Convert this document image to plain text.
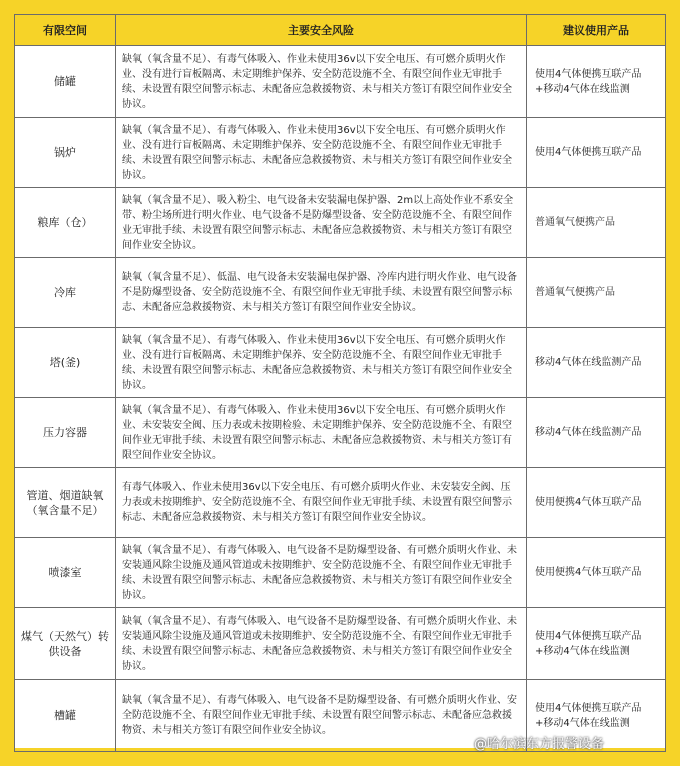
有限空间	主要安全风险	建议使用产品
储罐	缺氧（氧含量不足）、有毒气体吸入、作业未使用36v以下安全电压、有可燃介质明火作业、没有进行盲板隔离、未定期维护保养、安全防范设施不全、有限空间作业无审批手续、未设置有限空间警示标志、未配备应急救援物资、未与相关方签订有限空间作业安全协议。	使用4气体便携互联产品+移动4气体在线监测
锅炉	缺氧（氧含量不足）、有毒气体吸入、作业未使用36v以下安全电压、有可燃介质明火作业、没有进行盲板隔离、未定期维护保养、安全防范设施不全、有限空间作业无审批手续、未设置有限空间警示标志、未配备应急救援物资、未与相关方签订有限空间作业安全协议。	使用4气体便携互联产品
粮库（仓）	缺氧（氧含量不足）、吸入粉尘、电气设备未安装漏电保护器、2m以上高处作业不系安全带、粉尘场所进行明火作业、电气设备不是防爆型设备、安全防范设施不全、有限空间作业无审批手续、未设置有限空间警示标志、未配备应急救援物资、未与相关方签订有限空间作业安全协议。	普通氧气便携产品
冷库	缺氧（氧含量不足）、低温、电气设备未安装漏电保护器、冷库内进行明火作业、电气设备不是防爆型设备、安全防范设施不全、有限空间作业无审批手续、未设置有限空间警示标志、未配备应急救援物资、未与相关方签订有限空间作业安全协议。	普通氧气便携产品
塔(釜)	缺氧（氧含量不足）、有毒气体吸入、作业未使用36v以下安全电压、有可燃介质明火作业、没有进行盲板隔离、未定期维护保养、安全防范设施不全、有限空间作业无审批手续、未设置有限空间警示标志、未配备应急救援物资、未与相关方签订有限空间作业安全协议。	移动4气体在线监测产品
压力容器	缺氧（氧含量不足）、有毒气体吸入、作业未使用36v以下安全电压、有可燃介质明火作业、未安装安全阀、压力表或未按期检验、未定期维护保养、安全防范设施不全、有限空间作业无审批手续、未设置有限空间警示标志、未配备应急救援物资、未与相关方签订有限空间作业安全协议。	移动4气体在线监测产品
管道、烟道缺氧（氧含量不足）	有毒气体吸入、作业未使用36v以下安全电压、有可燃介质明火作业、未安装安全阀、压力表或未按期维护、安全防范设施不全、有限空间作业无审批手续、未设置有限空间警示标志、未配备应急救援物资、未与相关方签订有限空间作业安全协议。	使用便携4气体互联产品
喷漆室	缺氧（氧含量不足）、有毒气体吸入、电气设备不是防爆型设备、有可燃介质明火作业、未安装通风除尘设施及通风管道或未按期维护、安全防范设施不全、有限空间作业无审批手续、未设置有限空间警示标志、未配备应急救援物资、未与相关方签订有限空间作业安全协议。	使用便携4气体互联产品
煤气（天然气）转供设备	缺氧（氧含量不足）、有毒气体吸入、电气设备不是防爆型设备、有可燃介质明火作业、未安装通风除尘设施及通风管道或未按期维护、安全防范设施不全、有限空间作业无审批手续、未设置有限空间警示标志、未配备应急救援物资、未与相关方签订有限空间作业安全协议。	使用4气体便携互联产品+移动4气体在线监测
槽罐	缺氧（氧含量不足）、有毒气体吸入、电气设备不是防爆型设备、有可燃介质明火作业、安全防范设施不全、有限空间作业无审批手续、未设置有限空间警示标志、未配备应急救援物资、未与相关方签订有限空间作业安全协议。	使用4气体便携互联产品+移动4气体在线监测
@哈尔滨东方报警设备
